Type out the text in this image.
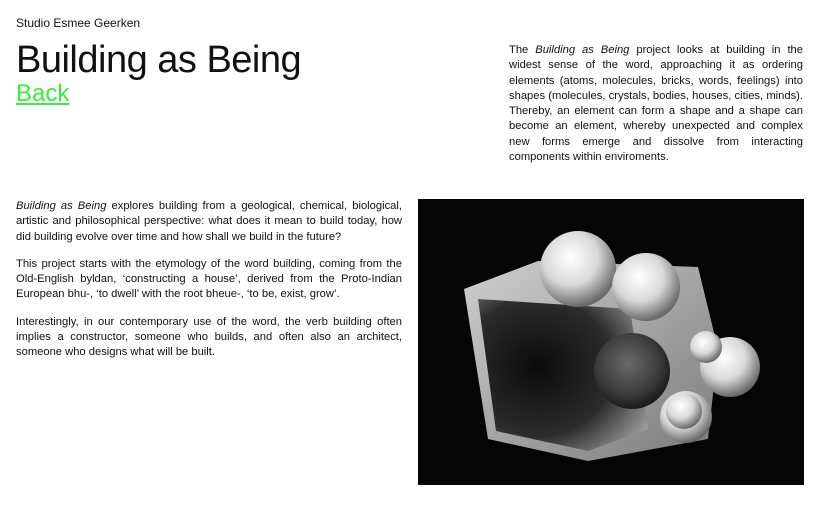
Studio Esmee Geerken
Building as Being
Back

The Building as Being project looks at building in the widest sense of the word, approaching it as ordering elements (atoms, molecules, bricks, words, feelings) into shapes (molecules, crystals, bodies, houses, cities, minds). Thereby, an element can form a shape and a shape can become an element, whereby unexpected and complex new forms emerge and dissolve from interacting components within enviroments.

Building as Being explores building from a geological, chemical, biological, artistic and philosophical perspective: what does it mean to build today, how did building evolve over time and how shall we build in the future?

This project starts with the etymology of the word building, coming from the Old-English byldan, ‘constructing a house’, derived from the Proto-Indian European bhu-, ‘to dwell’ with the root bheue-, ‘to be, exist, grow’.

Interestingly, in our contemporary use of the word, the verb building often implies a constructor, someone who builds, and often also an architect, someone who designs what will be built.
